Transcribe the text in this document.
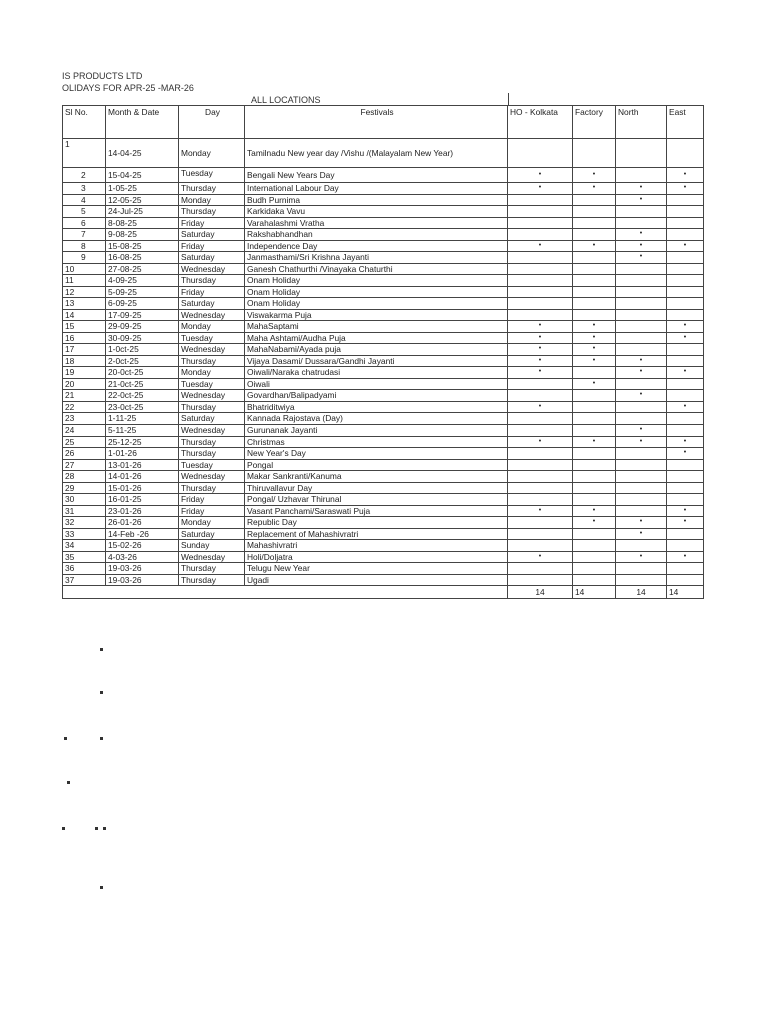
IS PRODUCTS LTD
OLIDAYS FOR APR-25 -MAR-26
ALL LOCATIONS
Sl No.	Month & Date	Day	Festivals	HO - Kolkata	Factory	North	East
1	14-04-25	Monday	Tamilnadu New year day /Vishu /(Malayalam New Year)				
2	15-04-25	Tuesday	Bengali New Years Day	•	•		•
3	1-05-25	Thursday	International Labour Day	•	•	•	•
4	12-05-25	Monday	Budh Purnima			•	
5	24-Jul-25	Thursday	Karkidaka Vavu				
6	8-08-25	Friday	Varahalashmi Vratha				
7	9-08-25	Saturday	Rakshabhandhan			•	
8	15-08-25	Friday	Independence Day	•	•	•	•
9	16-08-25	Saturday	Janmasthami/Sri Krishna Jayanti			•	
10	27-08-25	Wednesday	Ganesh Chathurthi /Vinayaka Chaturthi				
11	4-09-25	Thursday	Onam Holiday				
12	5-09-25	Friday	Onam Holiday				
13	6-09-25	Saturday	Onam Holiday				
14	17-09-25	Wednesday	Viswakarma Puja				
15	29-09-25	Monday	MahaSaptami	•	•		•
16	30-09-25	Tuesday	Maha Ashtami/Audha Puja	•	•		•
17	1-0ct-25	Wednesday	MahaNabami/Ayada puja	•	•		
18	2-0ct-25	Thursday	Vijaya Dasami/ Dussara/Gandhi Jayanti	•	•	•	
19	20-0ct-25	Monday	Oiwali/Naraka chatrudasi	•		•	•
20	21-0ct-25	Tuesday	Oiwali		•		
21	22-0ct-25	Wednesday	Govardhan/Balipadyami			•	
22	23-0ct-25	Thursday	Bhatriditwiya	•			•
23	1-11-25	Saturday	Kannada Rajostava (Day)				
24	5-11-25	Wednesday	Gurunanak Jayanti			•	
25	25-12-25	Thursday	Christmas	•	•	•	•
26	1-01-26	Thursday	New Year's Day				•
27	13-01-26	Tuesday	Pongal				
28	14-01-26	Wednesday	Makar Sankranti/Kanuma				
29	15-01-26	Thursday	Thiruvallavur Day				
30	16-01-25	Friday	Pongal/ Uzhavar Thirunal				
31	23-01-26	Friday	Vasant Panchami/Saraswati Puja	•	•		•
32	26-01-26	Monday	Republic Day		•	•	•
33	14-Feb -26	Saturday	Replacement of Mahashivratri			•	
34	15-02-26	Sunday	Mahashivratri				
35	4-03-26	Wednesday	Holi/Doljatra	•		•	•
36	19-03-26	Thursday	Telugu New Year				
37	19-03-26	Thursday	Ugadi				
				14	14	14	14
